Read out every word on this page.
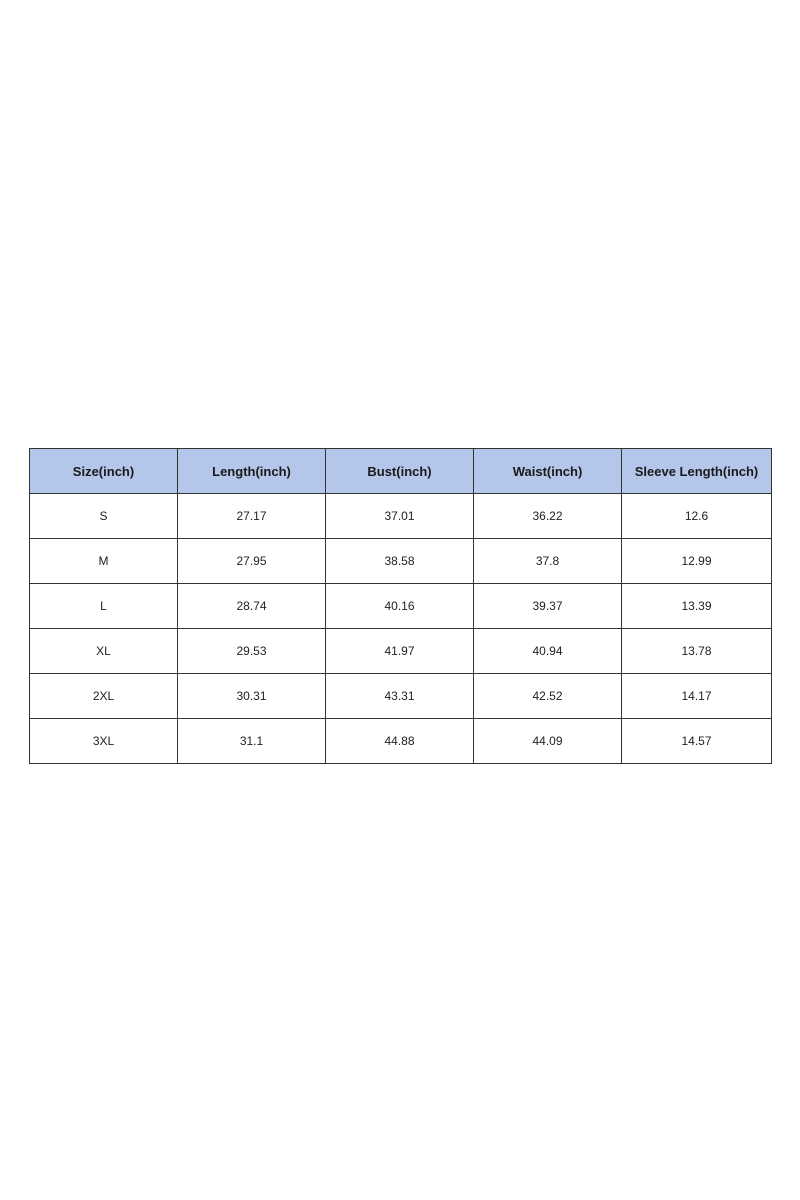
Size(inch)	Length(inch)	Bust(inch)	Waist(inch)	Sleeve Length(inch)
S	27.17	37.01	36.22	12.6
M	27.95	38.58	37.8	12.99
L	28.74	40.16	39.37	13.39
XL	29.53	41.97	40.94	13.78
2XL	30.31	43.31	42.52	14.17
3XL	31.1	44.88	44.09	14.57
